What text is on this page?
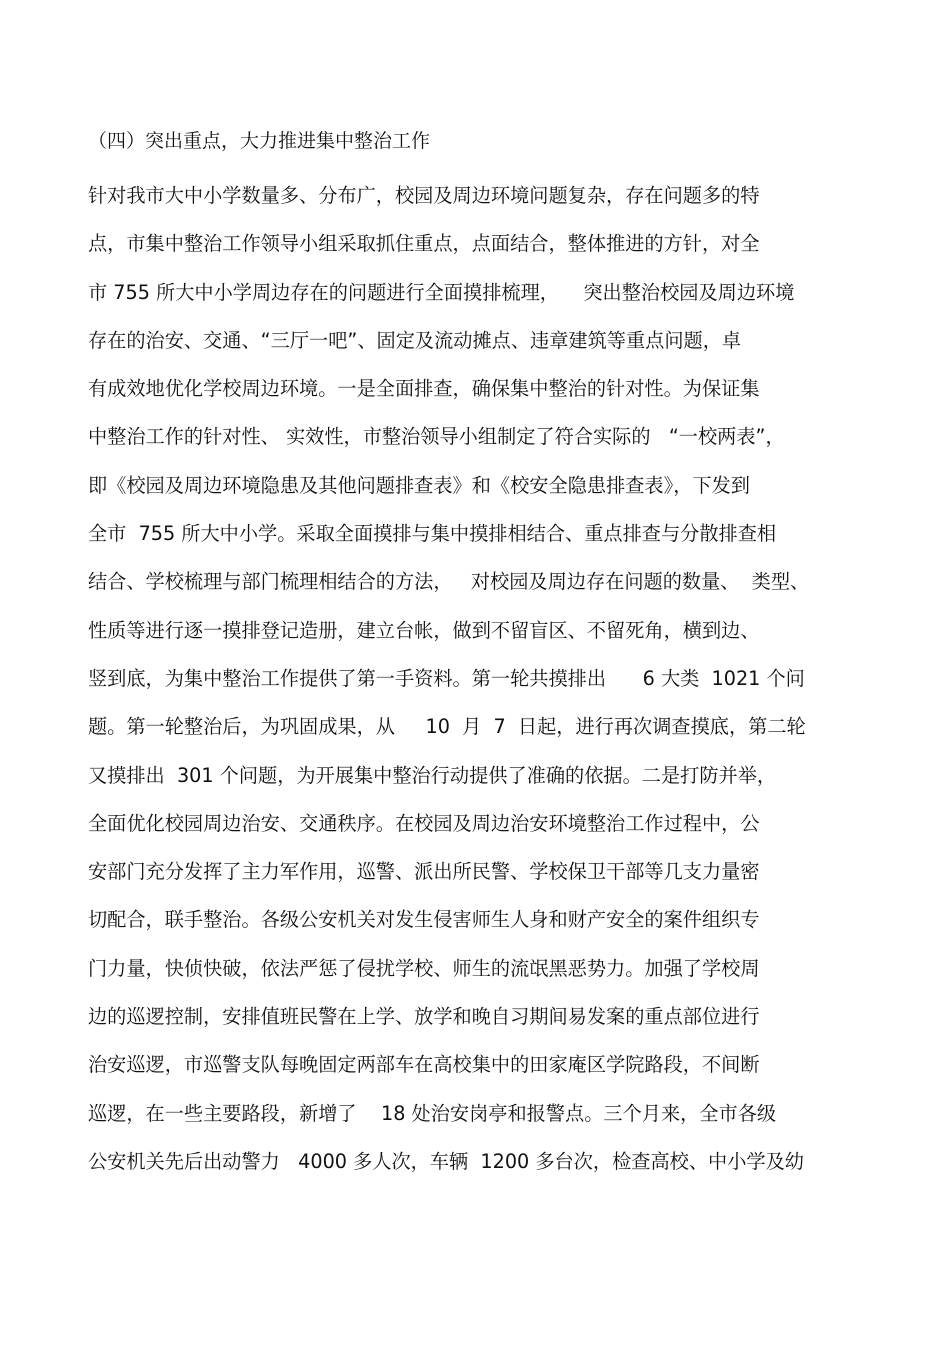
（四）突出重点，大力推进集中整治工作
针对我市大中小学数量多、分布广，校园及周边环境问题复杂，存在问题多的特
点，市集中整治工作领导小组采取抓住重点，点面结合，整体推进的方针，对全
市 755 所大中小学周边存在的问题进行全面摸排梳理，    突出整治校园及周边环境
存在的治安、交通、“三厅一吧”、固定及流动摊点、违章建筑等重点问题，卓
有成效地优化学校周边环境。一是全面排查，确保集中整治的针对性。为保证集
中整治工作的针对性、 实效性，市整治领导小组制定了符合实际的   “一校两表”，
即《校园及周边环境隐患及其他问题排查表》和《校安全隐患排查表》，下发到
全市  755 所大中小学。采取全面摸排与集中摸排相结合、重点排查与分散排查相
结合、学校梳理与部门梳理相结合的方法，   对校园及周边存在问题的数量、  类型、
性质等进行逐一摸排登记造册，建立台帐，做到不留盲区、不留死角，横到边、
竖到底，为集中整治工作提供了第一手资料。第一轮共摸排出      6 大类  1021 个问
题。第一轮整治后，为巩固成果，从     10  月  7  日起，进行再次调查摸底，第二轮
又摸排出  301 个问题，为开展集中整治行动提供了准确的依据。二是打防并举，
全面优化校园周边治安、交通秩序。在校园及周边治安环境整治工作过程中，公
安部门充分发挥了主力军作用，巡警、派出所民警、学校保卫干部等几支力量密
切配合，联手整治。各级公安机关对发生侵害师生人身和财产安全的案件组织专
门力量，快侦快破，依法严惩了侵扰学校、师生的流氓黑恶势力。加强了学校周
边的巡逻控制，安排值班民警在上学、放学和晚自习期间易发案的重点部位进行
治安巡逻，市巡警支队每晚固定两部车在高校集中的田家庵区学院路段，不间断
巡逻，在一些主要路段，新增了    18 处治安岗亭和报警点。三个月来，全市各级
公安机关先后出动警力   4000 多人次，车辆  1200 多台次，检查高校、中小学及幼
